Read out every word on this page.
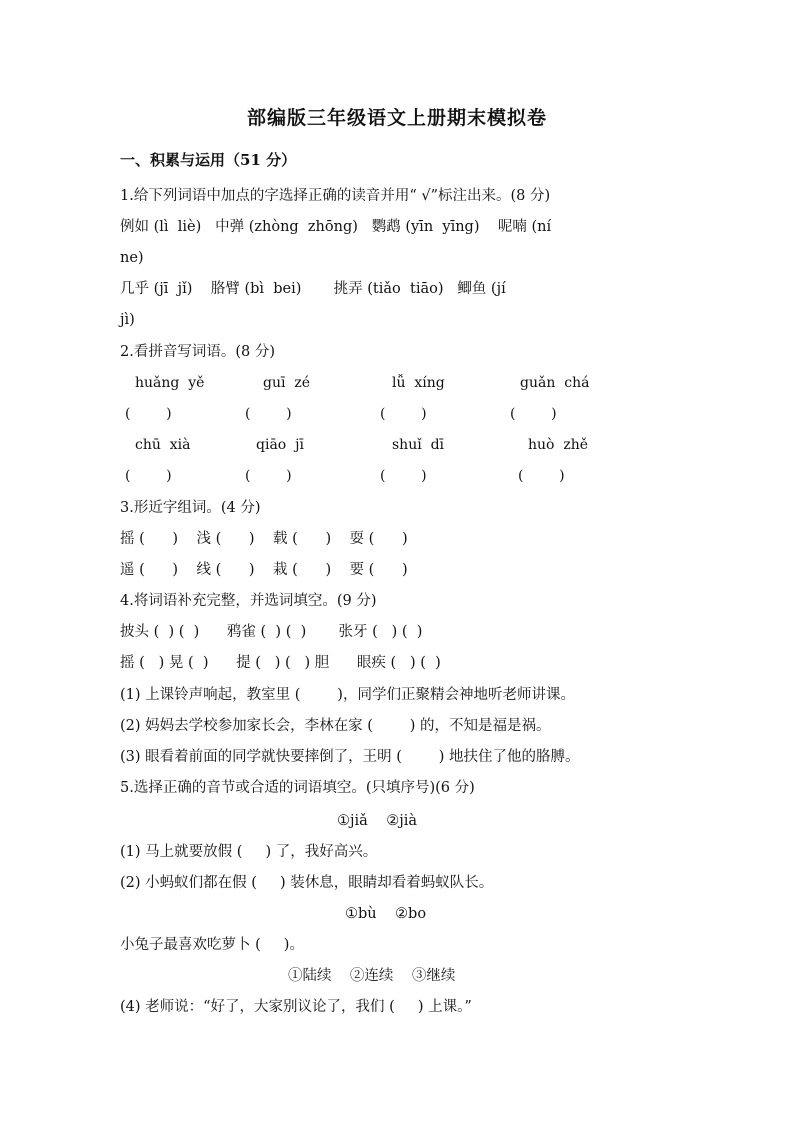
部编版三年级语文上册期末模拟卷
一、积累与运用（51 分）
1.给下列词语中加点的字选择正确的读音并用“ √”标注出来。(8 分)
例如 (lì  liè)   中弹 (zhòng  zhōng)   鹦鹉 (yīn  yīng)    呢喃 (ní
ne)
几乎 (jī  jǐ)    胳臂 (bì  bei)       挑弄 (tiǎo  tiāo)   鲫鱼 (jí
jì)
2.看拼音写词语。(8 分)
huǎng  yě	guī  zé	lǚ  xíng	guǎn  chá
(        )	(        )	(        )	(        )
chū  xià	qiāo  jī	shuǐ  dī	huò  zhě
(        )	(        )	(        )	(        )
3.形近字组词。(4 分)
摇 (      )    浅 (      )    载 (      )    耍 (      )
遥 (      )    线 (      )    栽 (      )    要 (      )
4.将词语补充完整，并选词填空。(9 分)
披头 (  ) (  )      鸦雀 (  ) (  )       张牙 (   ) (  )
摇 (   ) 晃 (  )      提 (   ) (   ) 胆      眼疾 (   ) (  )
(1) 上课铃声响起，教室里 (        )，同学们正聚精会神地听老师讲课。
(2) 妈妈去学校参加家长会，李林在家 (        ) 的，不知是福是祸。
(3) 眼看着前面的同学就快要摔倒了，王明 (        ) 地扶住了他的胳膊。
5.选择正确的音节或合适的词语填空。(只填序号)(6 分)
①jiǎ    ②jià
(1) 马上就要放假 (     ) 了，我好高兴。
(2) 小蚂蚁们都在假 (     ) 装休息，眼睛却看着蚂蚁队长。
①bù    ②bo
小兔子最喜欢吃萝卜 (     )。
①陆续    ②连续    ③继续
(4) 老师说：“好了，大家别议论了，我们 (     ) 上课。”
